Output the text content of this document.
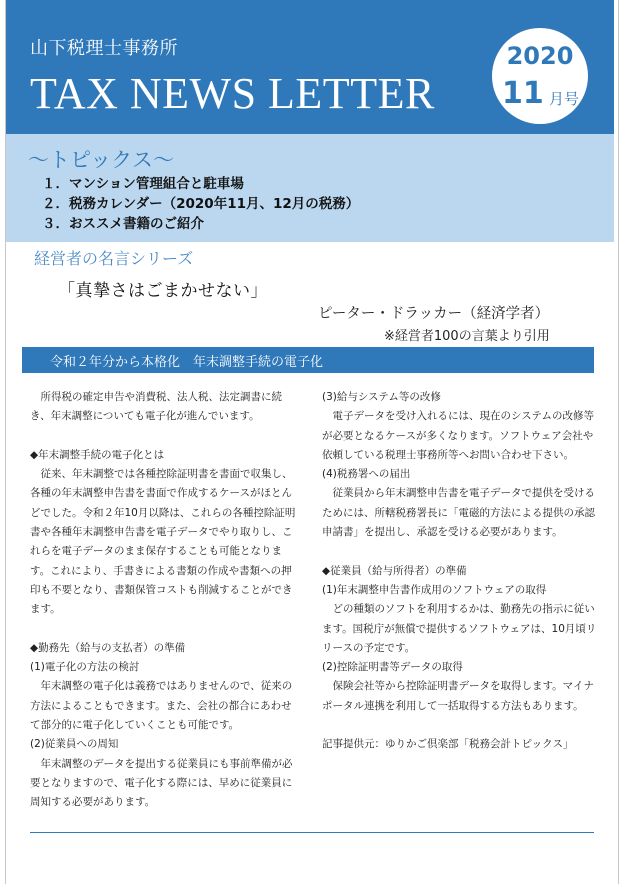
山下税理士事務所
TAX NEWS LETTER
2020
11 月号
～トピックス～
１．マンション管理組合と駐車場
２．税務カレンダー（2020年11月、12月の税務）
３．おススメ書籍のご紹介
経営者の名言シリーズ
「真摯さはごまかせない」
ピーター・ドラッカー（経済学者）
※経営者100の言葉より引用
令和２年分から本格化　年末調整手続の電子化

所得税の確定申告や消費税、法人税、法定調書に続き、年末調整についても電子化が進んでいます。

◆年末調整手続の電子化とは

従来、年末調整では各種控除証明書を書面で収集し、各種の年末調整申告書を書面で作成するケースがほとんどでした。令和２年10月以降は、これらの各種控除証明書や各種年末調整申告書を電子データでやり取りし、これらを電子データのまま保存することも可能となります。これにより、手書きによる書類の作成や書類への押印も不要となり、書類保管コストも削減することができます。

◆勤務先（給与の支払者）の準備

(1)電子化の方法の検討

年末調整の電子化は義務ではありませんので、従来の方法によることもできます。また、会社の都合にあわせて部分的に電子化していくことも可能です。

(2)従業員への周知

年末調整のデータを提出する従業員にも事前準備が必要となりますので、電子化する際には、早めに従業員に周知する必要があります。

(3)給与システム等の改修

電子データを受け入れるには、現在のシステムの改修等が必要となるケースが多くなります。ソフトウェア会社や依頼している税理士事務所等へお問い合わせ下さい。

(4)税務署への届出

従業員から年末調整申告書を電子データで提供を受けるためには、所轄税務署長に「電磁的方法による提供の承認申請書」を提出し、承認を受ける必要があります。

◆従業員（給与所得者）の準備

(1)年末調整申告書作成用のソフトウェアの取得

どの種類のソフトを利用するかは、勤務先の指示に従います。国税庁が無償で提供するソフトウェアは、10月頃リリースの予定です。

(2)控除証明書等データの取得

保険会社等から控除証明書データを取得します。マイナポータル連携を利用して一括取得する方法もあります。

記事提供元：ゆりかご倶楽部「税務会計トピックス」
